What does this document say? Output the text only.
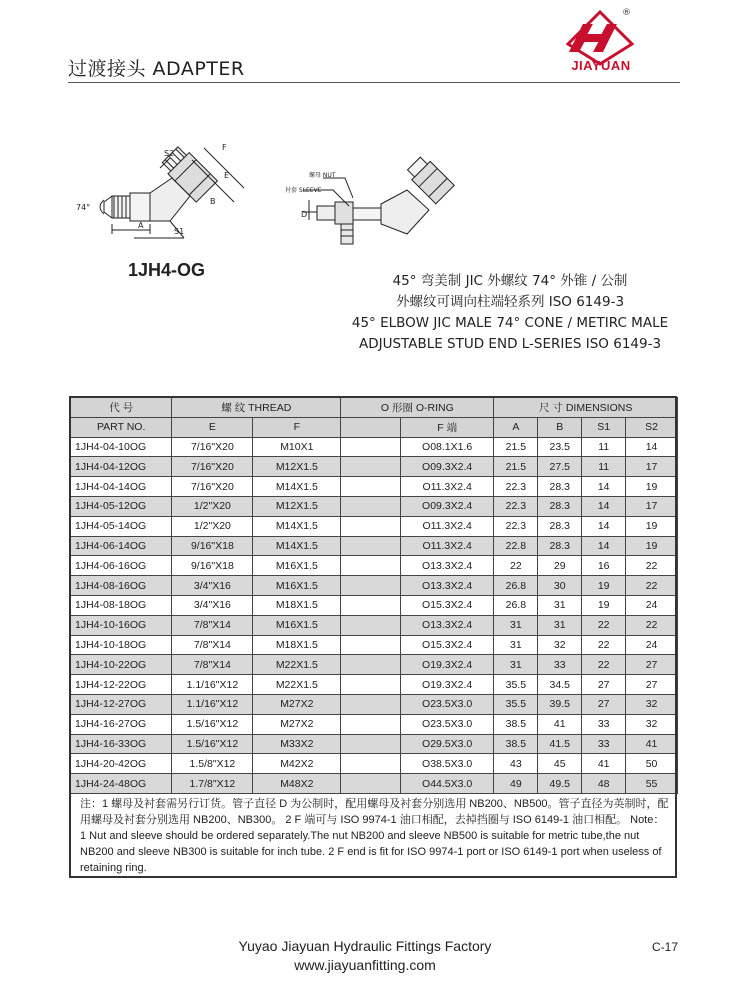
过渡接头 ADAPTER
®
JIAYUAN
S2
F
E
B
74°
A
S1
螺母 NUT
衬套 SLEEVE
D
1JH4-OG
45° 弯美制 JIC 外螺纹 74° 外锥 / 公制
外螺纹可调向柱端轻系列 ISO 6149-3
45° ELBOW JIC MALE 74° CONE / METIRC MALE
ADJUSTABLE STUD END L-SERIES ISO 6149-3
代 号	螺 纹 THREAD		O 形圈 O-RING		尺 寸 DIMENSIONS			
PART NO.	E	F		F 端	A	B	S1	S2
1JH4-04-10OG	7/16"X20	M10X1		O08.1X1.6	21.5	23.5	11	14
1JH4-04-12OG	7/16"X20	M12X1.5		O09.3X2.4	21.5	27.5	11	17
1JH4-04-14OG	7/16"X20	M14X1.5		O11.3X2.4	22.3	28.3	14	19
1JH4-05-12OG	1/2"X20	M12X1.5		O09.3X2.4	22.3	28.3	14	17
1JH4-05-14OG	1/2"X20	M14X1.5		O11.3X2.4	22.3	28.3	14	19
1JH4-06-14OG	9/16"X18	M14X1.5		O11.3X2.4	22.8	28.3	14	19
1JH4-06-16OG	9/16"X18	M16X1.5		O13.3X2.4	22	29	16	22
1JH4-08-16OG	3/4"X16	M16X1.5		O13.3X2.4	26.8	30	19	22
1JH4-08-18OG	3/4"X16	M18X1.5		O15.3X2.4	26.8	31	19	24
1JH4-10-16OG	7/8"X14	M16X1.5		O13.3X2.4	31	31	22	22
1JH4-10-18OG	7/8"X14	M18X1.5		O15.3X2.4	31	32	22	24
1JH4-10-22OG	7/8"X14	M22X1.5		O19.3X2.4	31	33	22	27
1JH4-12-22OG	1.1/16"X12	M22X1.5		O19.3X2.4	35.5	34.5	27	27
1JH4-12-27OG	1.1/16"X12	M27X2		O23.5X3.0	35.5	39.5	27	32
1JH4-16-27OG	1.5/16"X12	M27X2		O23.5X3.0	38.5	41	33	32
1JH4-16-33OG	1.5/16"X12	M33X2		O29.5X3.0	38.5	41.5	33	41
1JH4-20-42OG	1.5/8"X12	M42X2		O38.5X3.0	43	45	41	50
1JH4-24-48OG	1.7/8"X12	M48X2		O44.5X3.0	49	49.5	48	55
注：1 螺母及衬套需另行订货。管子直径 D 为公制时，配用螺母及衬套分别选用 NB200、NB500。管子直径为英制时，配用螺母及衬套分别选用 NB200、NB300。 2 F 端可与 ISO 9974-1 油口相配，去掉挡圈与 ISO 6149-1 油口相配。 Note：1 Nut and sleeve should be ordered separately.The nut NB200 and sleeve NB500 is suitable for metric tube,the nut NB200 and sleeve NB300 is suitable for inch tube. 2 F end is fit for ISO 9974-1 port or ISO 6149-1 port when useless of retaining ring.
Yuyao Jiayuan Hydraulic Fittings Factory
www.jiayuanfitting.com
C-17
